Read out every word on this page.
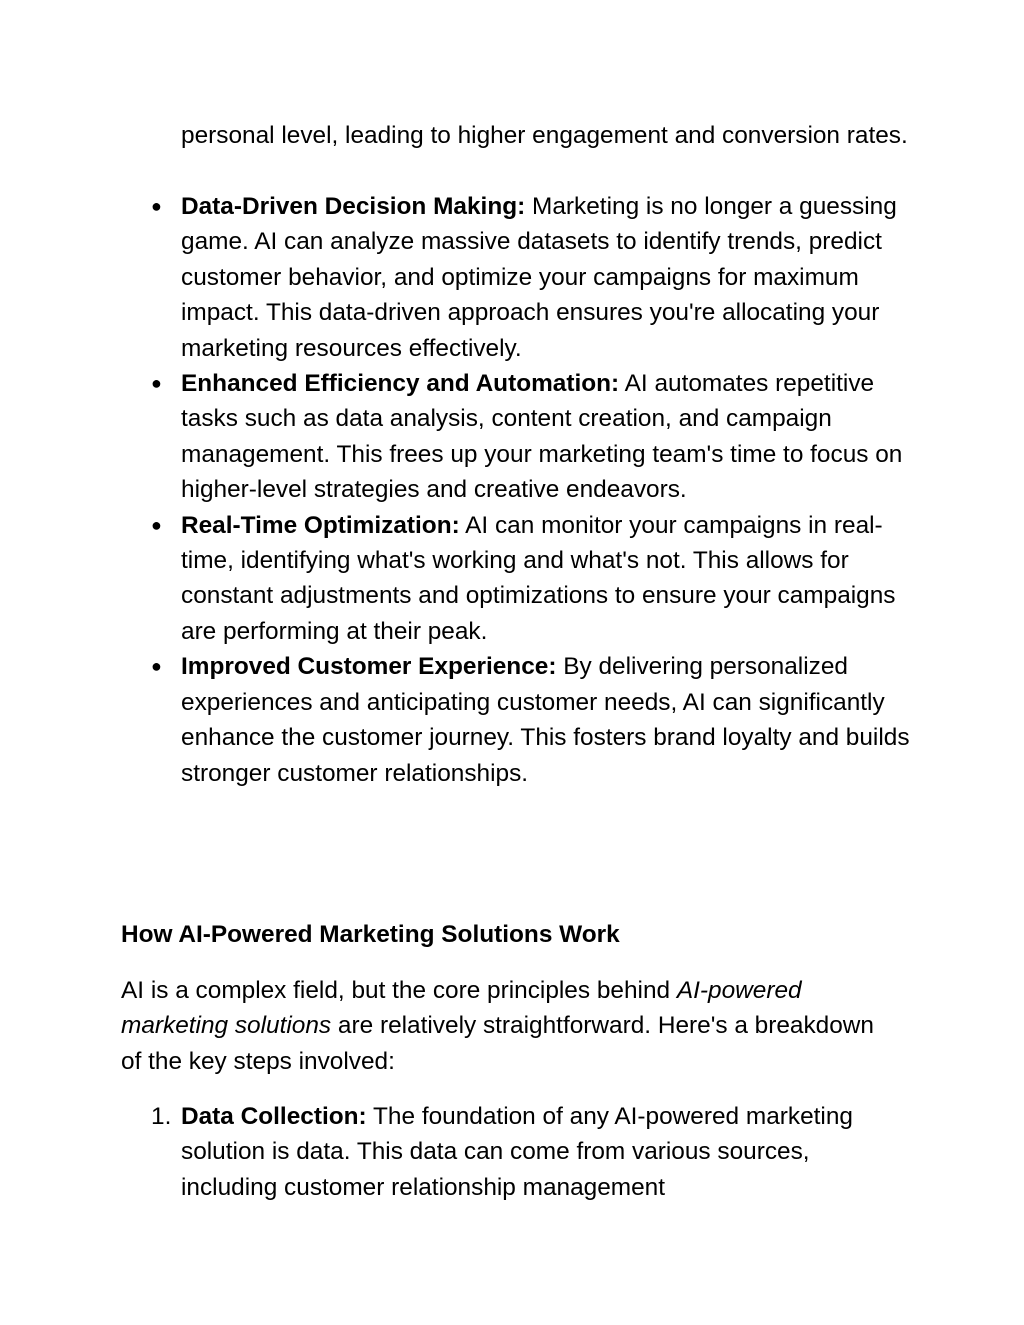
personal level, leading to higher engagement and conversion rates.

● Data-Driven Decision Making: Marketing is no longer a guessing game. AI can analyze massive datasets to identify trends, predict customer behavior, and optimize your campaigns for maximum impact. This data-driven approach ensures you're allocating your marketing resources effectively.
● Enhanced Efficiency and Automation: AI automates repetitive tasks such as data analysis, content creation, and campaign management. This frees up your marketing team's time to focus on higher-level strategies and creative endeavors.
● Real-Time Optimization: AI can monitor your campaigns in real-time, identifying what's working and what's not. This allows for constant adjustments and optimizations to ensure your campaigns are performing at their peak.
● Improved Customer Experience: By delivering personalized experiences and anticipating customer needs, AI can significantly enhance the customer journey. This fosters brand loyalty and builds stronger customer relationships.
How AI-Powered Marketing Solutions Work

AI is a complex field, but the core principles behind AI-powered marketing solutions are relatively straightforward. Here's a breakdown of the key steps involved:

1. Data Collection: The foundation of any AI-powered marketing solution is data. This data can come from various sources, including customer relationship management
